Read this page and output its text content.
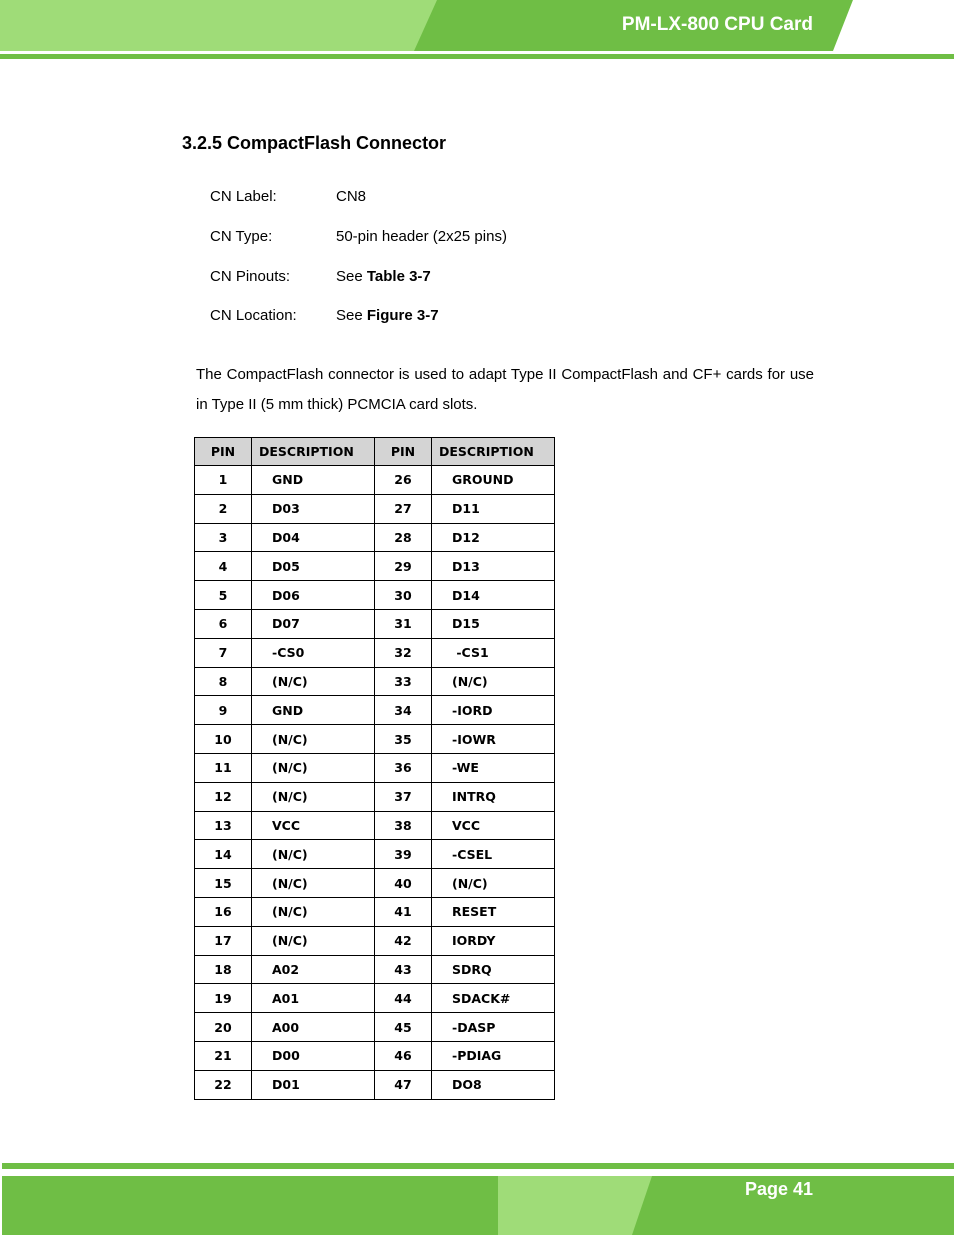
PM-LX-800 CPU Card
3.2.5 CompactFlash Connector
CN Label:	CN8
CN Type:	50-pin header (2x25 pins)
CN Pinouts:	See Table 3-7
CN Location:	See Figure 3-7
The CompactFlash connector is used to adapt Type II CompactFlash and CF+ cards for use in Type II (5 mm thick) PCMCIA card slots.
PIN	DESCRIPTION	PIN	DESCRIPTION
1	GND	26	GROUND
2	D03	27	D11
3	D04	28	D12
4	D05	29	D13
5	D06	30	D14
6	D07	31	D15
7	-CS0	32	-CS1
8	(N/C)	33	(N/C)
9	GND	34	-IORD
10	(N/C)	35	-IOWR
11	(N/C)	36	-WE
12	(N/C)	37	INTRQ
13	VCC	38	VCC
14	(N/C)	39	-CSEL
15	(N/C)	40	(N/C)
16	(N/C)	41	RESET
17	(N/C)	42	IORDY
18	A02	43	SDRQ
19	A01	44	SDACK#
20	A00	45	-DASP
21	D00	46	-PDIAG
22	D01	47	DO8
Page 41
